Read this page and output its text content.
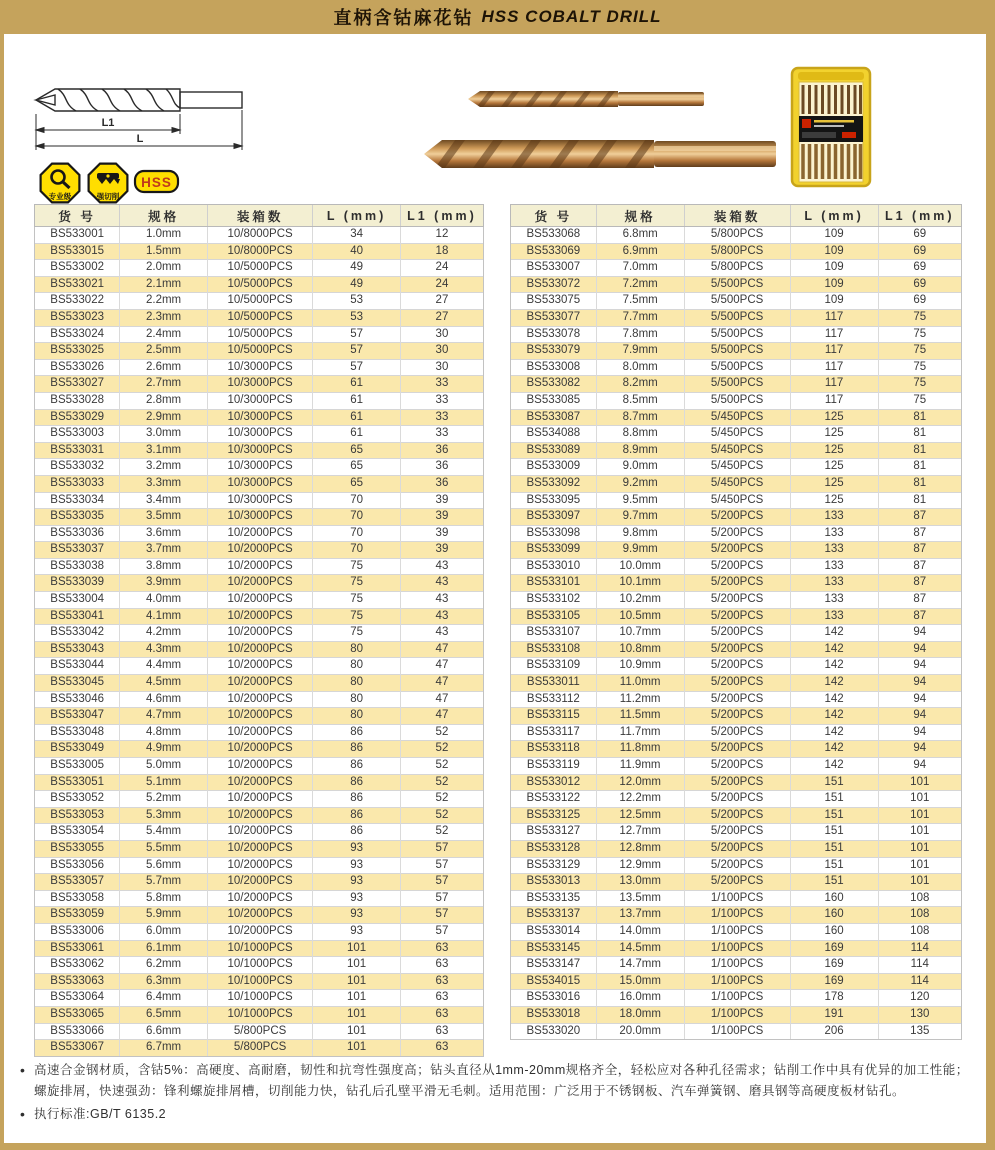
直柄含钴麻花钻 HSS COBALT DRILL
L1
L
专业级	强切削
HSS
货 号	规格	装箱数	L (mm)	L1 (mm)
BS533001	1.0mm	10/8000PCS	34	12
BS533015	1.5mm	10/8000PCS	40	18
BS533002	2.0mm	10/5000PCS	49	24
BS533021	2.1mm	10/5000PCS	49	24
BS533022	2.2mm	10/5000PCS	53	27
BS533023	2.3mm	10/5000PCS	53	27
BS533024	2.4mm	10/5000PCS	57	30
BS533025	2.5mm	10/5000PCS	57	30
BS533026	2.6mm	10/3000PCS	57	30
BS533027	2.7mm	10/3000PCS	61	33
BS533028	2.8mm	10/3000PCS	61	33
BS533029	2.9mm	10/3000PCS	61	33
BS533003	3.0mm	10/3000PCS	61	33
BS533031	3.1mm	10/3000PCS	65	36
BS533032	3.2mm	10/3000PCS	65	36
BS533033	3.3mm	10/3000PCS	65	36
BS533034	3.4mm	10/3000PCS	70	39
BS533035	3.5mm	10/3000PCS	70	39
BS533036	3.6mm	10/2000PCS	70	39
BS533037	3.7mm	10/2000PCS	70	39
BS533038	3.8mm	10/2000PCS	75	43
BS533039	3.9mm	10/2000PCS	75	43
BS533004	4.0mm	10/2000PCS	75	43
BS533041	4.1mm	10/2000PCS	75	43
BS533042	4.2mm	10/2000PCS	75	43
BS533043	4.3mm	10/2000PCS	80	47
BS533044	4.4mm	10/2000PCS	80	47
BS533045	4.5mm	10/2000PCS	80	47
BS533046	4.6mm	10/2000PCS	80	47
BS533047	4.7mm	10/2000PCS	80	47
BS533048	4.8mm	10/2000PCS	86	52
BS533049	4.9mm	10/2000PCS	86	52
BS533005	5.0mm	10/2000PCS	86	52
BS533051	5.1mm	10/2000PCS	86	52
BS533052	5.2mm	10/2000PCS	86	52
BS533053	5.3mm	10/2000PCS	86	52
BS533054	5.4mm	10/2000PCS	86	52
BS533055	5.5mm	10/2000PCS	93	57
BS533056	5.6mm	10/2000PCS	93	57
BS533057	5.7mm	10/2000PCS	93	57
BS533058	5.8mm	10/2000PCS	93	57
BS533059	5.9mm	10/2000PCS	93	57
BS533006	6.0mm	10/2000PCS	93	57
BS533061	6.1mm	10/1000PCS	101	63
BS533062	6.2mm	10/1000PCS	101	63
BS533063	6.3mm	10/1000PCS	101	63
BS533064	6.4mm	10/1000PCS	101	63
BS533065	6.5mm	10/1000PCS	101	63
BS533066	6.6mm	5/800PCS	101	63
BS533067	6.7mm	5/800PCS	101	63
货 号	规格	装箱数	L (mm)	L1 (mm)
BS533068	6.8mm	5/800PCS	109	69
BS533069	6.9mm	5/800PCS	109	69
BS533007	7.0mm	5/800PCS	109	69
BS533072	7.2mm	5/500PCS	109	69
BS533075	7.5mm	5/500PCS	109	69
BS533077	7.7mm	5/500PCS	117	75
BS533078	7.8mm	5/500PCS	117	75
BS533079	7.9mm	5/500PCS	117	75
BS533008	8.0mm	5/500PCS	117	75
BS533082	8.2mm	5/500PCS	117	75
BS533085	8.5mm	5/500PCS	117	75
BS533087	8.7mm	5/450PCS	125	81
BS534088	8.8mm	5/450PCS	125	81
BS533089	8.9mm	5/450PCS	125	81
BS533009	9.0mm	5/450PCS	125	81
BS533092	9.2mm	5/450PCS	125	81
BS533095	9.5mm	5/450PCS	125	81
BS533097	9.7mm	5/200PCS	133	87
BS533098	9.8mm	5/200PCS	133	87
BS533099	9.9mm	5/200PCS	133	87
BS533010	10.0mm	5/200PCS	133	87
BS533101	10.1mm	5/200PCS	133	87
BS533102	10.2mm	5/200PCS	133	87
BS533105	10.5mm	5/200PCS	133	87
BS533107	10.7mm	5/200PCS	142	94
BS533108	10.8mm	5/200PCS	142	94
BS533109	10.9mm	5/200PCS	142	94
BS533011	11.0mm	5/200PCS	142	94
BS533112	11.2mm	5/200PCS	142	94
BS533115	11.5mm	5/200PCS	142	94
BS533117	11.7mm	5/200PCS	142	94
BS533118	11.8mm	5/200PCS	142	94
BS533119	11.9mm	5/200PCS	142	94
BS533012	12.0mm	5/200PCS	151	101
BS533122	12.2mm	5/200PCS	151	101
BS533125	12.5mm	5/200PCS	151	101
BS533127	12.7mm	5/200PCS	151	101
BS533128	12.8mm	5/200PCS	151	101
BS533129	12.9mm	5/200PCS	151	101
BS533013	13.0mm	5/200PCS	151	101
BS533135	13.5mm	1/100PCS	160	108
BS533137	13.7mm	1/100PCS	160	108
BS533014	14.0mm	1/100PCS	160	108
BS533145	14.5mm	1/100PCS	169	114
BS533147	14.7mm	1/100PCS	169	114
BS534015	15.0mm	1/100PCS	169	114
BS533016	16.0mm	1/100PCS	178	120
BS533018	18.0mm	1/100PCS	191	130
BS533020	20.0mm	1/100PCS	206	135
• 高速合金钢材质，含钴5%：高硬度、高耐磨，韧性和抗弯性强度高；钻头直径从1mm-20mm规格齐全，轻松应对各种孔径需求；钻削工作中具有优异的加工性能；螺旋排屑，快速强劲：锋利螺旋排屑槽，切削能力快，钻孔后孔壁平滑无毛刺。适用范围：广泛用于不锈钢板、汽车弹簧钢、磨具钢等高硬度板材钻孔。
• 执行标准:GB/T 6135.2
